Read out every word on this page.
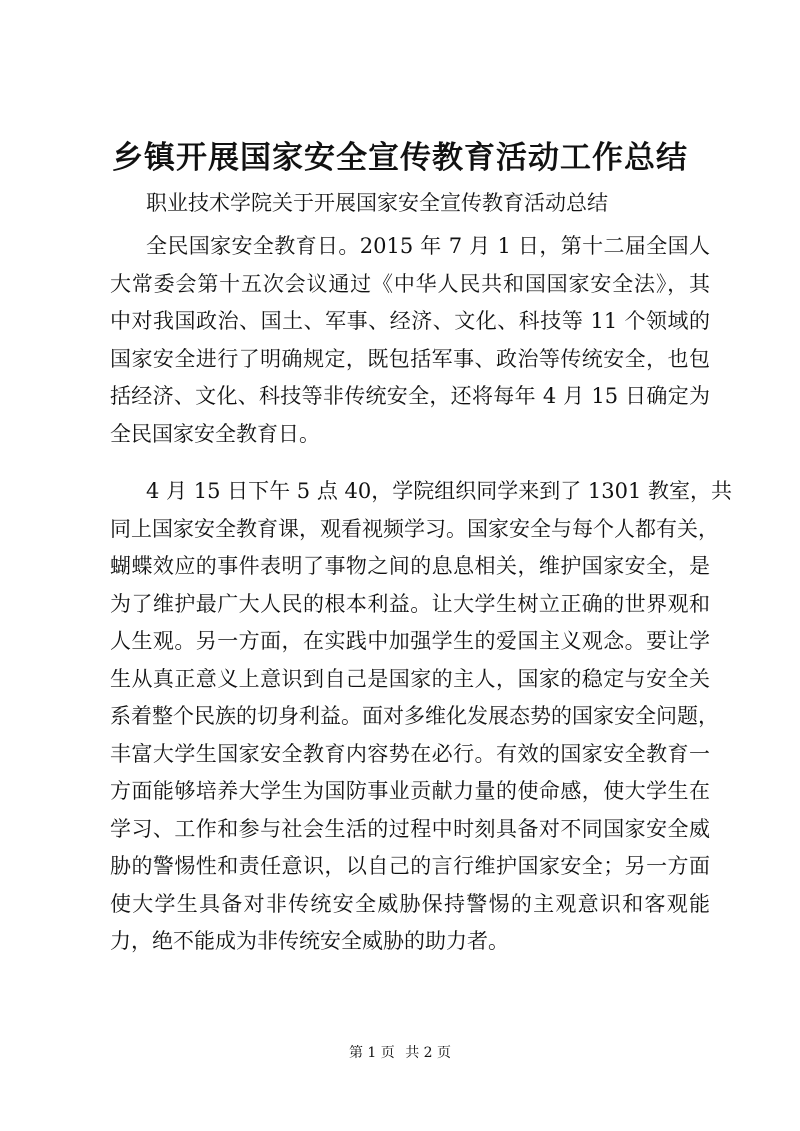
乡镇开展国家安全宣传教育活动工作总结

职业技术学院关于开展国家安全宣传教育活动总结

全民国家安全教育日。2015 年 7 月 1 日，第十二届全国人
大常委会第十五次会议通过《中华人民共和国国家安全法》，其
中对我国政治、国土、军事、经济、文化、科技等 11 个领域的
国家安全进行了明确规定，既包括军事、政治等传统安全，也包
括经济、文化、科技等非传统安全，还将每年 4 月 15 日确定为
全民国家安全教育日。
4 月 15 日下午 5 点 40，学院组织同学来到了 1301 教室，共
同上国家安全教育课，观看视频学习。国家安全与每个人都有关，
蝴蝶效应的事件表明了事物之间的息息相关，维护国家安全，是
为了维护最广大人民的根本利益。让大学生树立正确的世界观和
人生观。另一方面，在实践中加强学生的爱国主义观念。要让学
生从真正意义上意识到自己是国家的主人，国家的稳定与安全关
系着整个民族的切身利益。面对多维化发展态势的国家安全问题，
丰富大学生国家安全教育内容势在必行。有效的国家安全教育一
方面能够培养大学生为国防事业贡献力量的使命感，使大学生在
学习、工作和参与社会生活的过程中时刻具备对不同国家安全威
胁的警惕性和责任意识，以自己的言行维护国家安全；另一方面
使大学生具备对非传统安全威胁保持警惕的主观意识和客观能
力，绝不能成为非传统安全威胁的助力者。
第 1 页 共 2 页
